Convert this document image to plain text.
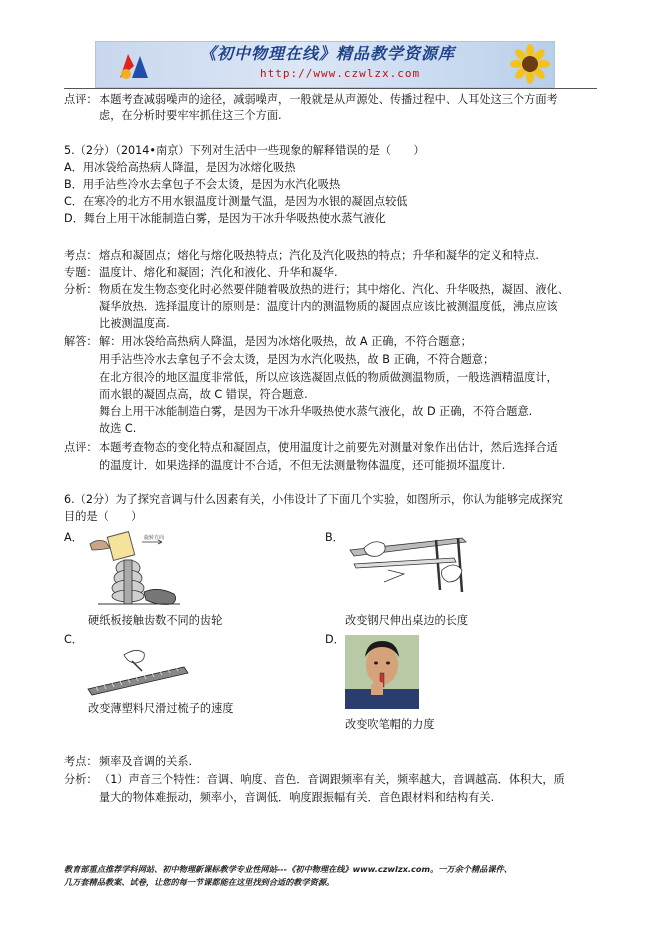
《初中物理在线》精品教学资源库
http://www.czwlzx.com
点评： 本题考查减弱噪声的途径，减弱噪声，一般就是从声源处、传播过程中、人耳处这三个方面考
虑，在分析时要牢牢抓住这三个方面.
5.（2分）（2014•南京）下列对生活中一些现象的解释错误的是（　　）
A．用冰袋给高热病人降温，是因为冰熔化吸热
B．用手沾些冷水去拿包子不会太烫，是因为水汽化吸热
C．在寒冷的北方不用水银温度计测量气温，是因为水银的凝固点较低
D．舞台上用干冰能制造白雾，是因为干冰升华吸热使水蒸气液化
考点： 熔点和凝固点；熔化与熔化吸热特点；汽化及汽化吸热的特点；升华和凝华的定义和特点.
专题： 温度计、熔化和凝固；汽化和液化、升华和凝华.
分析： 物质在发生物态变化时必然要伴随着吸放热的进行；其中熔化、汽化、升华吸热，凝固、液化、
凝华放热．选择温度计的原则是：温度计内的测温物质的凝固点应该比被测温度低，沸点应该
比被测温度高.
解答： 解：用冰袋给高热病人降温，是因为冰熔化吸热，故 A 正确，不符合题意；
用手沾些冷水去拿包子不会太烫，是因为水汽化吸热，故 B 正确，不符合题意；
在北方很冷的地区温度非常低，所以应该选凝固点低的物质做测温物质，一般选酒精温度计，
而水银的凝固点高，故 C 错误，符合题意.
舞台上用干冰能制造白雾，是因为干冰升华吸热使水蒸气液化，故 D 正确，不符合题意.
故选 C.
点评： 本题考查物态的变化特点和凝固点，使用温度计之前要先对测量对象作出估计，然后选择合适
的温度计．如果选择的温度计不合适，不但无法测量物体温度，还可能损坏温度计.
6.（2分）为了探究音调与什么因素有关，小伟设计了下面几个实验，如图所示，你认为能够完成探究
目的是（　　）
A．	旋转方向
硬纸板接触齿数不同的齿轮
B．
改变钢尺伸出桌边的长度
C．
改变薄塑料尺滑过梳子的速度
D．
改变吹笔帽的力度
考点： 频率及音调的关系.
分析： （1）声音三个特性：音调、响度、音色．音调跟频率有关，频率越大，音调越高．体积大，质
量大的物体难振动，频率小，音调低．响度跟振幅有关．音色跟材料和结构有关.
教育部重点推荐学科网站、初中物理新课标教学专业性网站---《初中物理在线》www.czwlzx.com。一万余个精品课件、
几万套精品教案、试卷，让您的每一节课都能在这里找到合适的教学资源。
